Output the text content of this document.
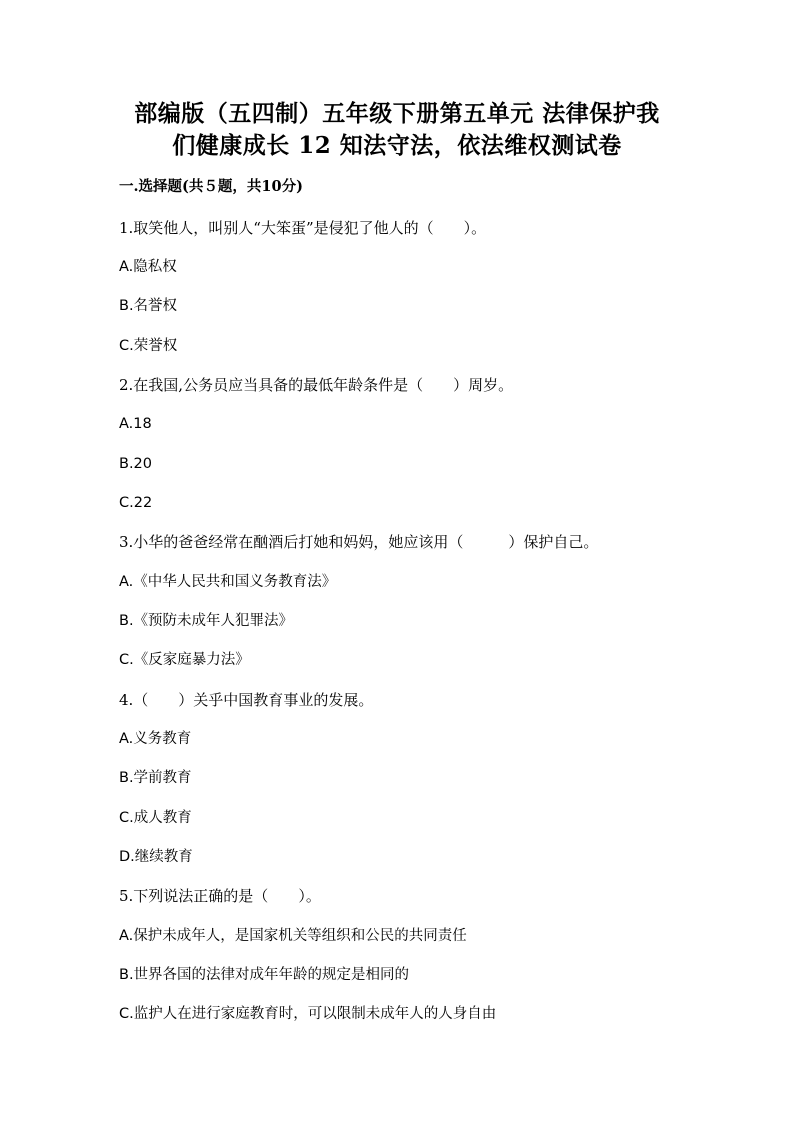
部编版（五四制）五年级下册第五单元 法律保护我
们健康成长 12 知法守法，依法维权测试卷
一.选择题(共５题，共10分)
1.取笑他人，叫别人“大笨蛋”是侵犯了他人的（　　）。
A.隐私权
B.名誉权
C.荣誉权
2.在我国,公务员应当具备的最低年龄条件是（　　）周岁。
A.18
B.20
C.22
3.小华的爸爸经常在酗酒后打她和妈妈，她应该用（　　　）保护自己。
A.《中华人民共和国义务教育法》
B.《预防未成年人犯罪法》
C.《反家庭暴力法》
4.（　　）关乎中国教育事业的发展。
A.义务教育
B.学前教育
C.成人教育
D.继续教育
5.下列说法正确的是（　　）。
A.保护未成年人，是国家机关等组织和公民的共同责任
B.世界各国的法律对成年年龄的规定是相同的
C.监护人在进行家庭教育时，可以限制未成年人的人身自由
